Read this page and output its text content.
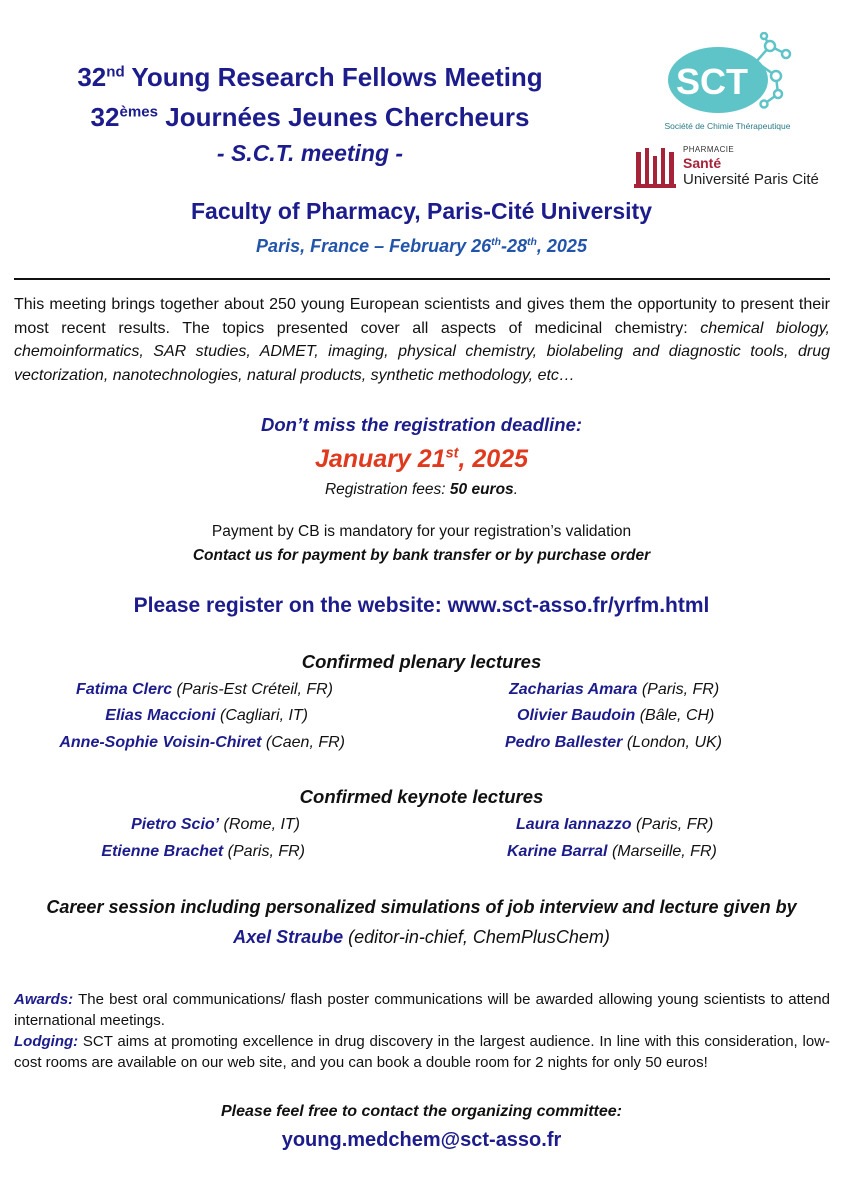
32nd Young Research Fellows Meeting
32èmes Journées Jeunes Chercheurs
- S.C.T. meeting -
SCT
Société de Chimie Thérapeutique
PHARMACIE
Santé
Université Paris Cité
Faculty of Pharmacy, Paris-Cité University
Paris, France – February 26th-28th, 2025
This meeting brings together about 250 young European scientists and gives them the opportunity to present their most recent results. The topics presented cover all aspects of medicinal chemistry: chemical biology, chemoinformatics, SAR studies, ADMET, imaging, physical chemistry, biolabeling and diagnostic tools, drug vectorization, nanotechnologies, natural products, synthetic methodology, etc…
Don’t miss the registration deadline:
January 21st, 2025
Registration fees: 50 euros.
Payment by CB is mandatory for your registration’s validation
Contact us for payment by bank transfer or by purchase order
Please register on the website: www.sct-asso.fr/yrfm.html
Confirmed plenary lectures
Fatima Clerc (Paris-Est Créteil, FR)
Elias Maccioni (Cagliari, IT)
Anne-Sophie Voisin-Chiret (Caen, FR)
Zacharias Amara (Paris, FR)
Olivier Baudoin (Bâle, CH)
Pedro Ballester (London, UK)
Confirmed keynote lectures
Pietro Scio’ (Rome, IT)
Etienne Brachet (Paris, FR)
Laura Iannazzo (Paris, FR)
Karine Barral (Marseille, FR)
Career session including personalized simulations of job interview and lecture given by
Axel Straube (editor-in-chief, ChemPlusChem)
Awards: The best oral communications/ flash poster communications will be awarded allowing young scientists to attend international meetings.
Lodging: SCT aims at promoting excellence in drug discovery in the largest audience. In line with this consideration, low-cost rooms are available on our web site, and you can book a double room for 2 nights for only 50 euros!
Please feel free to contact the organizing committee:
young.medchem@sct-asso.fr
